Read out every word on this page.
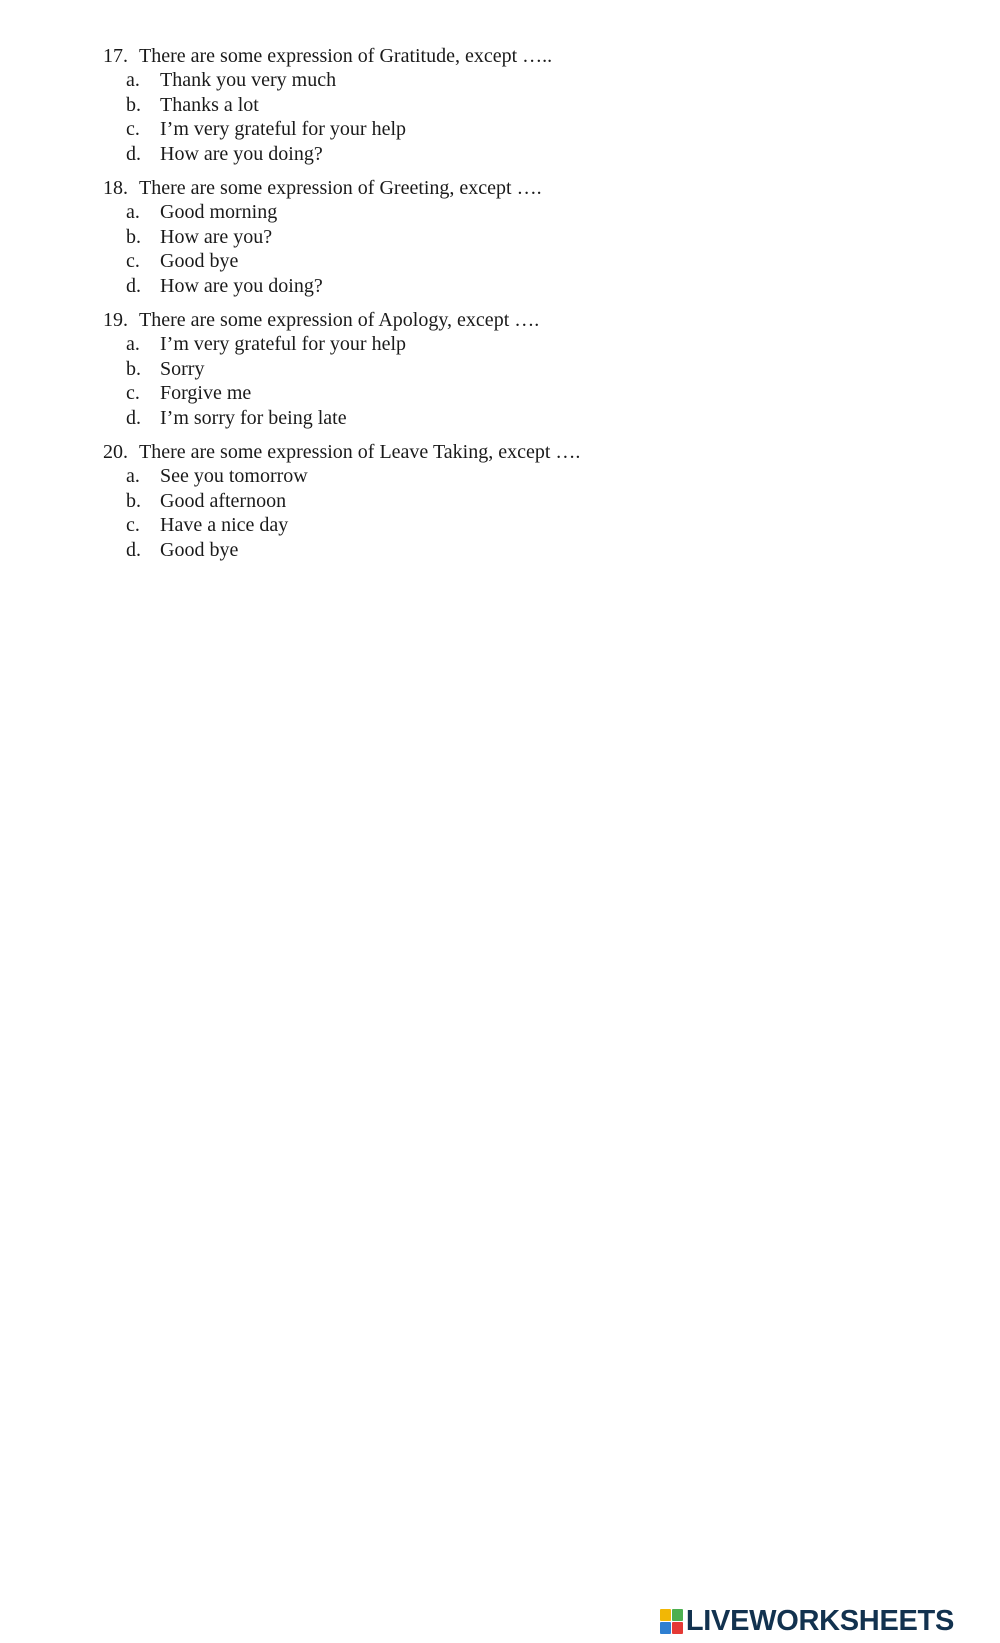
17. There are some expression of Gratitude, except …..
a.	Thank you very much
b. Thanks a lot
c.	I’m very grateful for your help
d. How are you doing?
18. There are some expression of Greeting, except ….
a.	Good morning
b. How are you?
c.	Good bye
d. How are you doing?
19. There are some expression of Apology, except ….
a.	I’m very grateful for your help
b. Sorry
c.	Forgive me
d. I’m sorry for being late
20. There are some expression of Leave Taking, except ….
a.	See you tomorrow
b. Good afternoon
c.	Have a nice day
d. Good bye
LIVEWORKSHEETS
